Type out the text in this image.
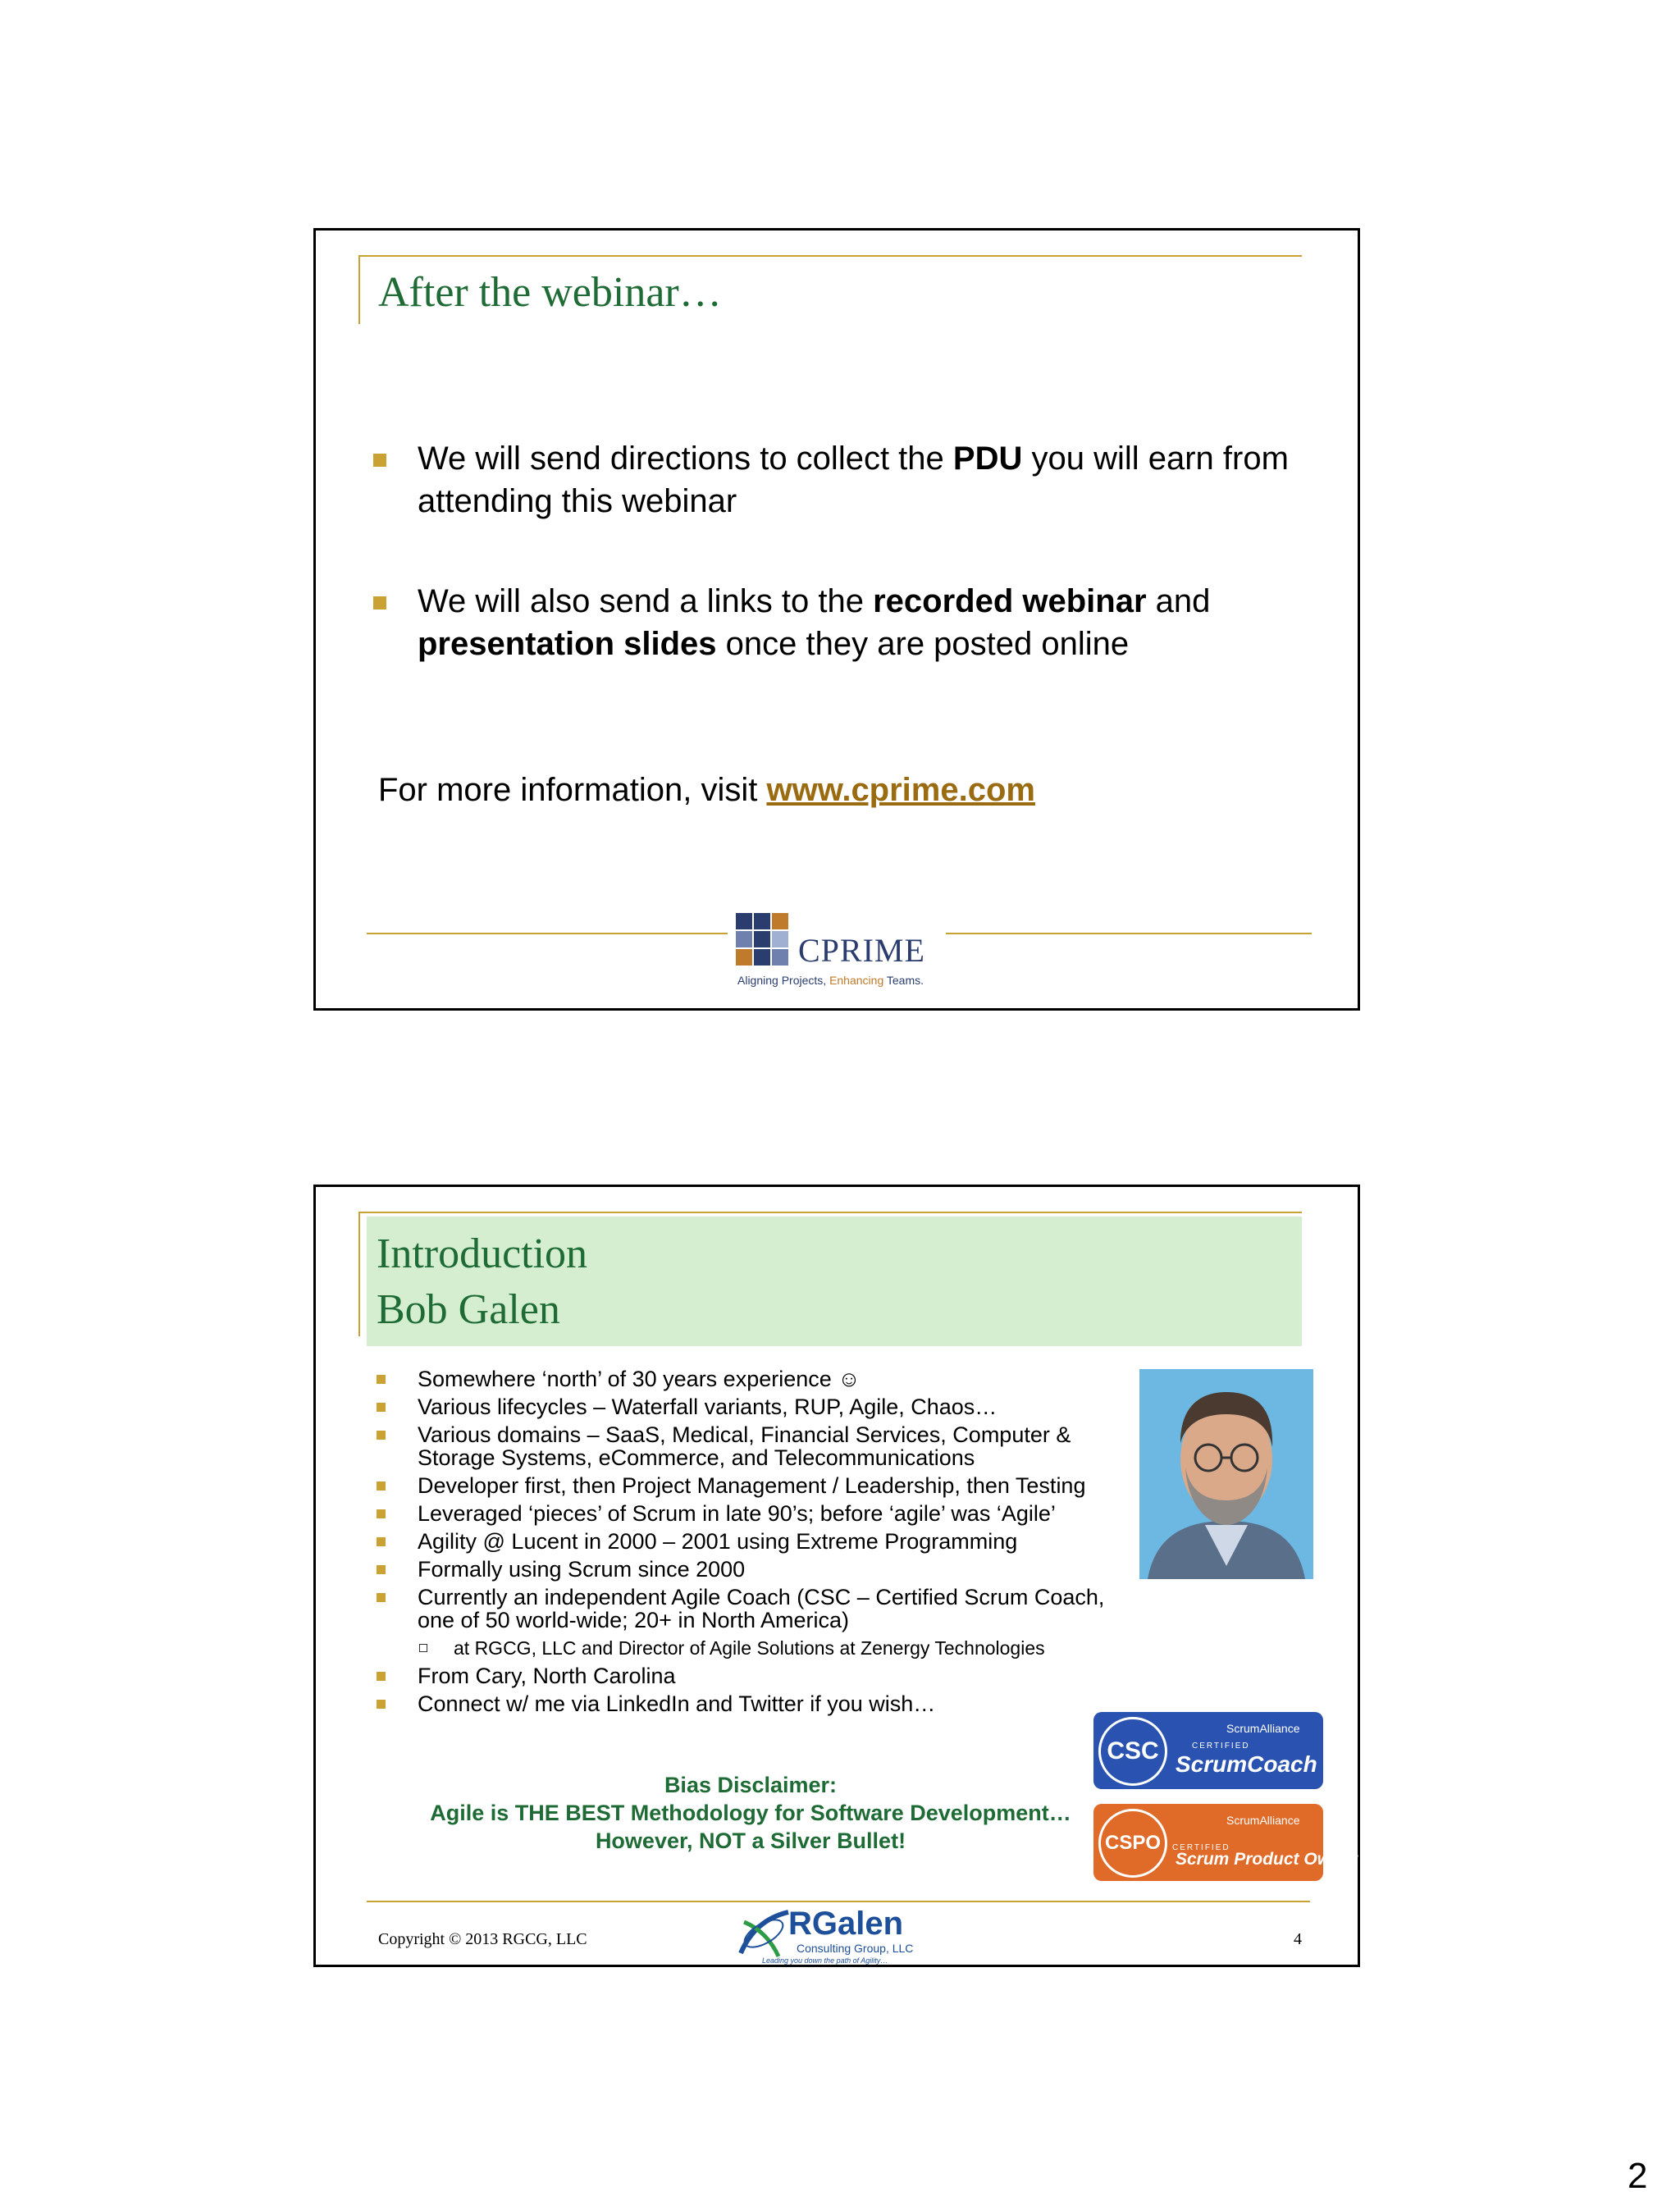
After the webinar…
We will send directions to collect the PDU you will earn from attending this webinar
We will also send a links to the recorded webinar and presentation slides once they are posted online
For more information, visit www.cprime.com
CPRIME
Aligning Projects, Enhancing Teams.
Introduction
Bob Galen
Somewhere ‘north’ of 30 years experience ☺
Various lifecycles – Waterfall variants, RUP, Agile, Chaos…
Various domains – SaaS, Medical, Financial Services, Computer & Storage Systems, eCommerce, and Telecommunications
Developer first, then Project Management / Leadership, then Testing
Leveraged ‘pieces’ of Scrum in late 90’s; before ‘agile’ was ‘Agile’
Agility @ Lucent in 2000 – 2001 using Extreme Programming
Formally using Scrum since 2000
Currently an independent Agile Coach (CSC – Certified Scrum Coach, one of 50 world-wide; 20+ in North America)
at RGCG, LLC and Director of Agile Solutions at Zenergy Technologies
From Cary, North Carolina
Connect w/ me via LinkedIn and Twitter if you wish…
Bias Disclaimer:
Agile is THE BEST Methodology for Software Development…
However, NOT a Silver Bullet!
CSC
ScrumAlliance
CERTIFIED
ScrumCoach
CSPO
ScrumAlliance
CERTIFIED
Scrum Product Owner
Copyright © 2013 RGCG, LLC	RGalen
Consulting Group, LLC
Leading you down the path of Agility…
4
2
